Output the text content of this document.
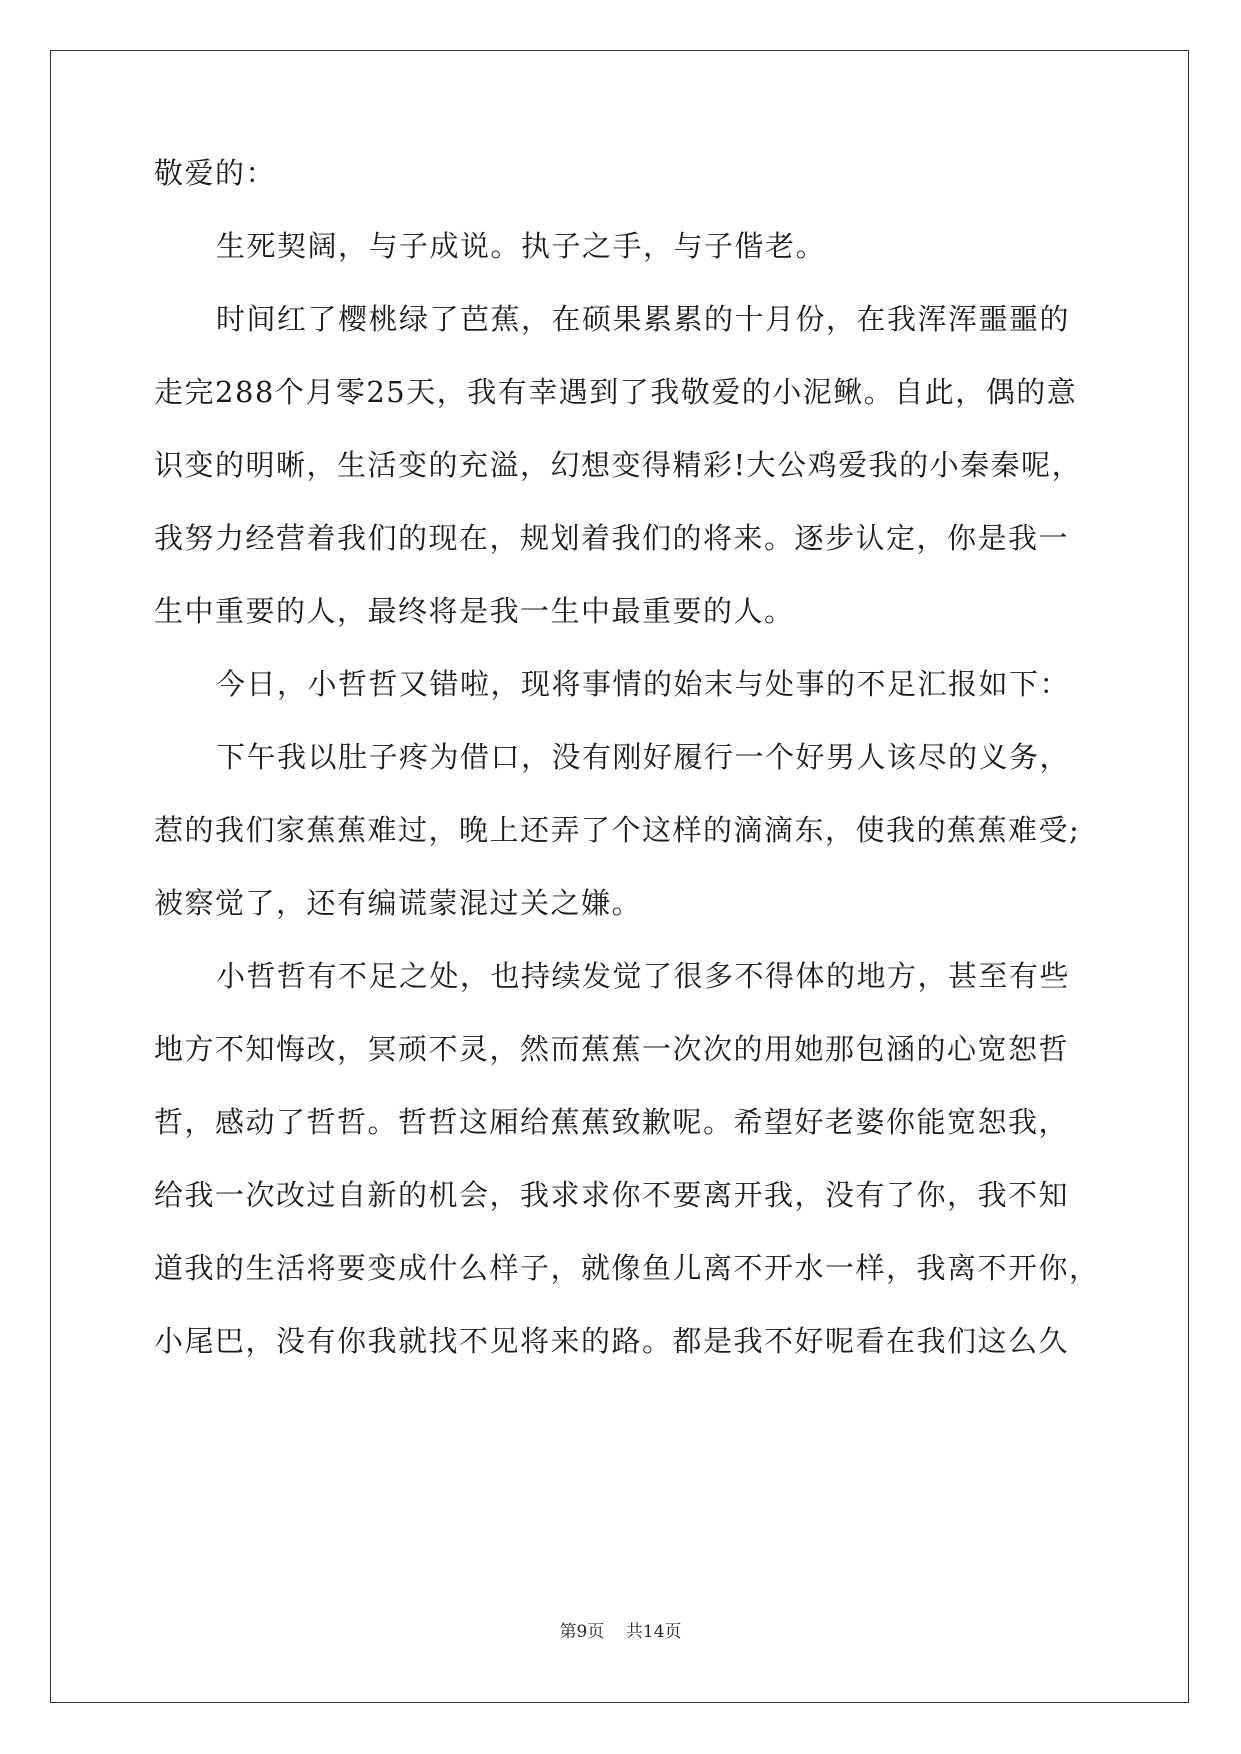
敬爱的：
生死契阔，与子成说。执子之手，与子偕老。
时间红了樱桃绿了芭蕉，在硕果累累的十月份，在我浑浑噩噩的
走完288个月零25天，我有幸遇到了我敬爱的小泥鳅。自此，偶的意
识变的明晰，生活变的充溢，幻想变得精彩!大公鸡爱我的小秦秦呢，
我努力经营着我们的现在，规划着我们的将来。逐步认定，你是我一
生中重要的人，最终将是我一生中最重要的人。
今日，小哲哲又错啦，现将事情的始末与处事的不足汇报如下：
下午我以肚子疼为借口，没有刚好履行一个好男人该尽的义务，
惹的我们家蕉蕉难过，晚上还弄了个这样的滴滴东，使我的蕉蕉难受;
被察觉了，还有编谎蒙混过关之嫌。
小哲哲有不足之处，也持续发觉了很多不得体的地方，甚至有些
地方不知悔改，冥顽不灵，然而蕉蕉一次次的用她那包涵的心宽恕哲
哲，感动了哲哲。哲哲这厢给蕉蕉致歉呢。希望好老婆你能宽恕我，
给我一次改过自新的机会，我求求你不要离开我，没有了你，我不知
道我的生活将要变成什么样子，就像鱼儿离不开水一样，我离不开你，
小尾巴，没有你我就找不见将来的路。都是我不好呢看在我们这么久
第9页 共14页
